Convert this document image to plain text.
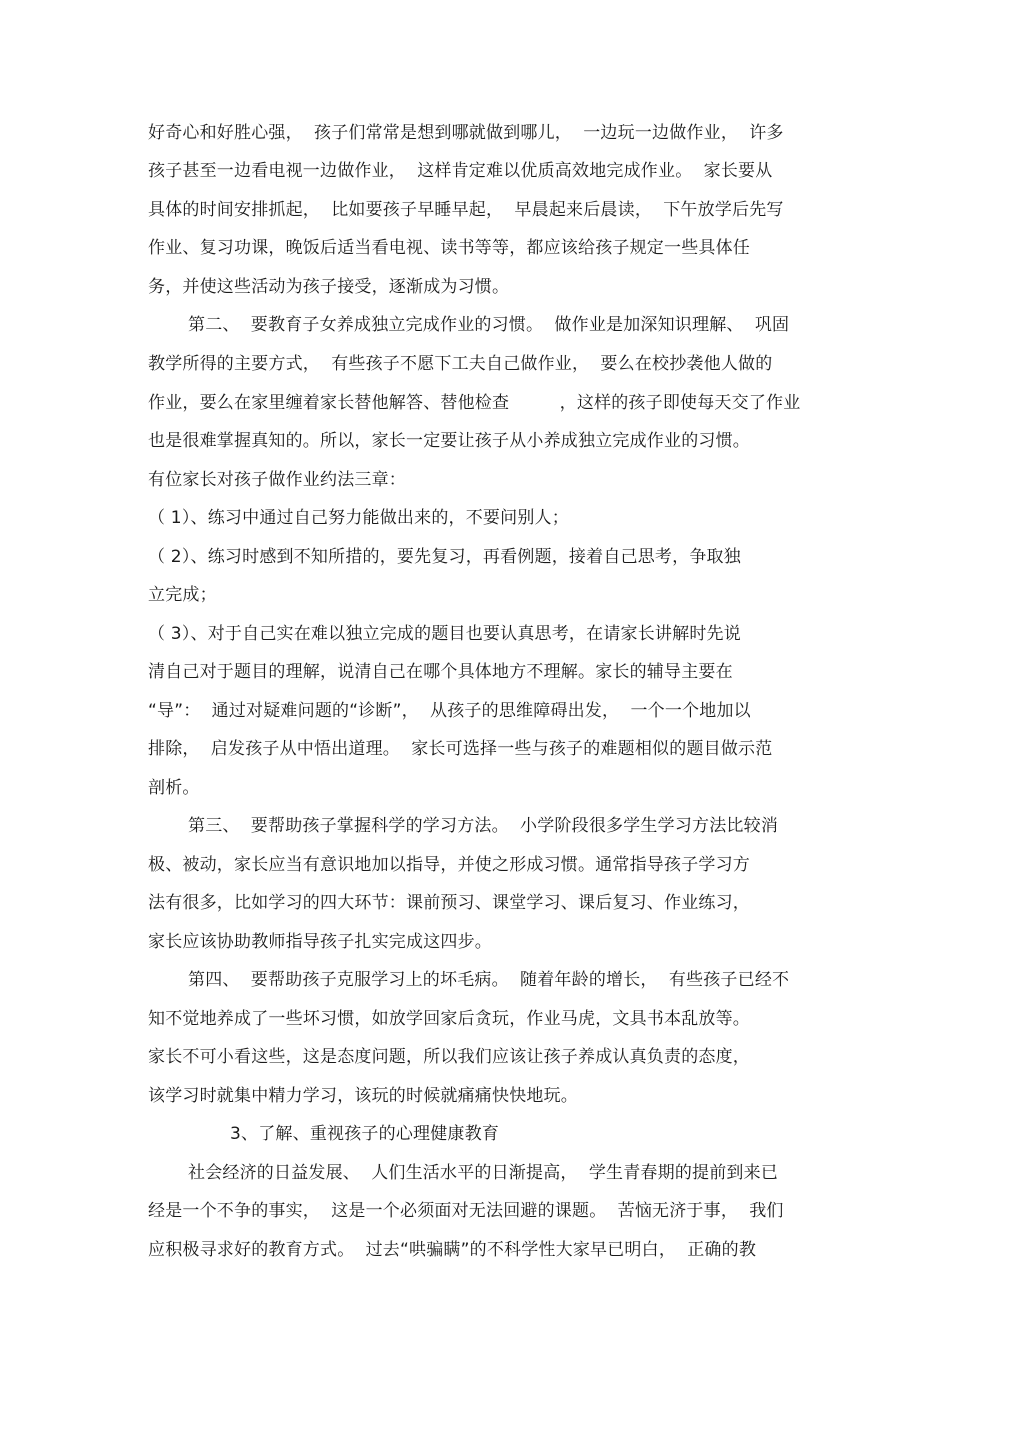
好奇心和好胜心强，  孩子们常常是想到哪就做到哪儿，  一边玩一边做作业，  许多
孩子甚至一边看电视一边做作业，  这样肯定难以优质高效地完成作业。  家长要从
具体的时间安排抓起，  比如要孩子早睡早起，  早晨起来后晨读，  下午放学后先写
作业、复习功课，晚饭后适当看电视、读书等等，都应该给孩子规定一些具体任
务，并使这些活动为孩子接受，逐渐成为习惯。
第二、  要教育子女养成独立完成作业的习惯。  做作业是加深知识理解、  巩固
教学所得的主要方式，  有些孩子不愿下工夫自己做作业，  要么在校抄袭他人做的
作业，要么在家里缠着家长替他解答、替他检查         ，这样的孩子即使每天交了作业
也是很难掌握真知的。所以，家长一定要让孩子从小养成独立完成作业的习惯。
有位家长对孩子做作业约法三章：
（ 1）、练习中通过自己努力能做出来的，不要问别人；
（ 2）、练习时感到不知所措的，要先复习，再看例题，接着自己思考，争取独
立完成；
（ 3）、对于自己实在难以独立完成的题目也要认真思考，在请家长讲解时先说
清自己对于题目的理解，说清自己在哪个具体地方不理解。家长的辅导主要在
“导”：  通过对疑难问题的“诊断”，  从孩子的思维障碍出发，  一个一个地加以
排除，  启发孩子从中悟出道理。  家长可选择一些与孩子的难题相似的题目做示范
剖析。
第三、  要帮助孩子掌握科学的学习方法。  小学阶段很多学生学习方法比较消
极、被动，家长应当有意识地加以指导，并使之形成习惯。通常指导孩子学习方
法有很多，比如学习的四大环节：课前预习、课堂学习、课后复习、作业练习，
家长应该协助教师指导孩子扎实完成这四步。
第四、  要帮助孩子克服学习上的坏毛病。  随着年龄的增长，  有些孩子已经不
知不觉地养成了一些坏习惯，如放学回家后贪玩，作业马虎，文具书本乱放等。
家长不可小看这些，这是态度问题，所以我们应该让孩子养成认真负责的态度，
该学习时就集中精力学习，该玩的时候就痛痛快快地玩。
3、了解、重视孩子的心理健康教育
社会经济的日益发展、  人们生活水平的日渐提高，  学生青春期的提前到来已
经是一个不争的事实，  这是一个必须面对无法回避的课题。  苦恼无济于事，  我们
应积极寻求好的教育方式。  过去“哄骗瞒”的不科学性大家早已明白，  正确的教
